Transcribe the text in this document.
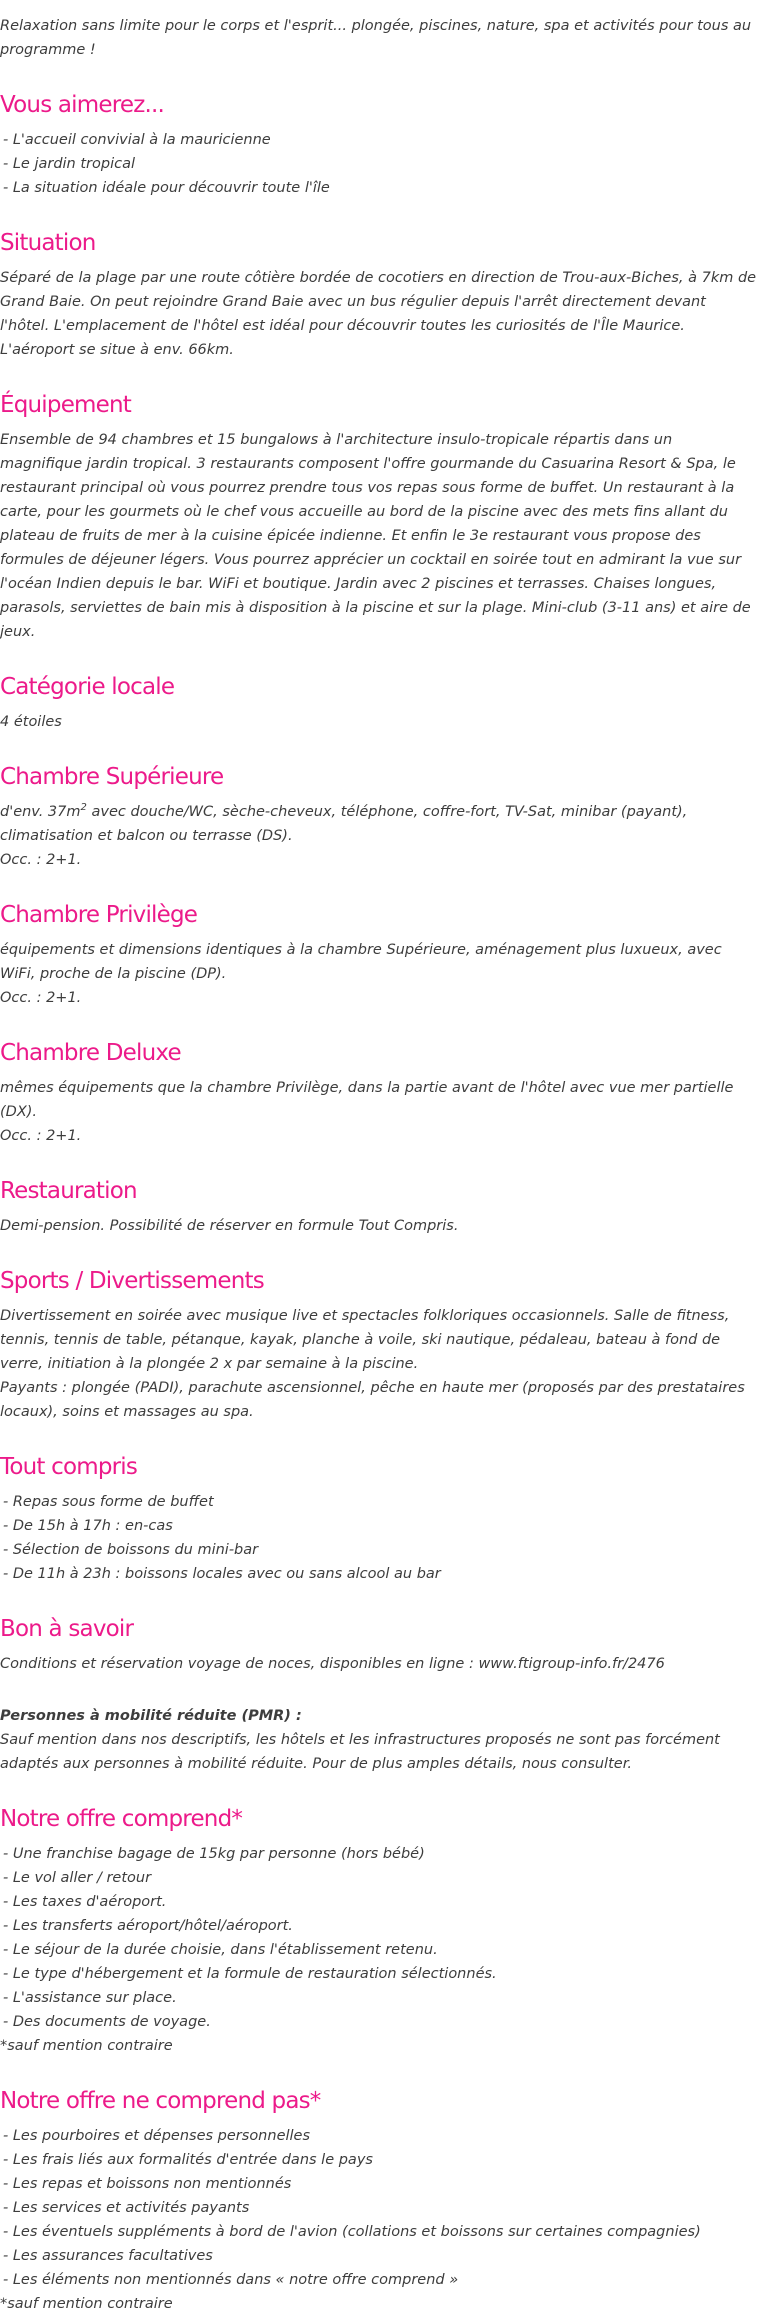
Relaxation sans limite pour le corps et l'esprit... plongée, piscines, nature, spa et activités pour tous au programme !

Vous aimerez...
- L'accueil convivial à la mauricienne
- Le jardin tropical
- La situation idéale pour découvrir toute l'île
Situation

Séparé de la plage par une route côtière bordée de cocotiers en direction de Trou-aux-Biches, à 7km de Grand Baie. On peut rejoindre Grand Baie avec un bus régulier depuis l'arrêt directement devant l'hôtel. L'emplacement de l'hôtel est idéal pour découvrir toutes les curiosités de l'Île Maurice. L'aéroport se situe à env. 66km.

Équipement

Ensemble de 94 chambres et 15 bungalows à l'architecture insulo-tropicale répartis dans un magnifique jardin tropical. 3 restaurants composent l'offre gourmande du Casuarina Resort & Spa, le restaurant principal où vous pourrez prendre tous vos repas sous forme de buffet. Un restaurant à la carte, pour les gourmets où le chef vous accueille au bord de la piscine avec des mets fins allant du plateau de fruits de mer à la cuisine épicée indienne. Et enfin le 3e restaurant vous propose des formules de déjeuner légers. Vous pourrez apprécier un cocktail en soirée tout en admirant la vue sur l'océan Indien depuis le bar. WiFi et boutique. Jardin avec 2 piscines et terrasses. Chaises longues, parasols, serviettes de bain mis à disposition à la piscine et sur la plage. Mini-club (3-11 ans) et aire de jeux.

Catégorie locale

4 étoiles

Chambre Supérieure

d'env. $37m^2$ avec douche/WC, sèche-cheveux, téléphone, coffre-fort, TV-Sat, minibar (payant), climatisation et balcon ou terrasse (DS).

Occ. : 2+1.

Chambre Privilège

équipements et dimensions identiques à la chambre Supérieure, aménagement plus luxueux, avec WiFi, proche de la piscine (DP).

Occ. : 2+1.

Chambre Deluxe

mêmes équipements que la chambre Privilège, dans la partie avant de l'hôtel avec vue mer partielle (DX).

Occ. : 2+1.

Restauration

Demi-pension. Possibilité de réserver en formule Tout Compris.

Sports / Divertissements

Divertissement en soirée avec musique live et spectacles folkloriques occasionnels. Salle de fitness, tennis, tennis de table, pétanque, kayak, planche à voile, ski nautique, pédaleau, bateau à fond de verre, initiation à la plongée 2 x par semaine à la piscine.

Payants : plongée (PADI), parachute ascensionnel, pêche en haute mer (proposés par des prestataires locaux), soins et massages au spa.

Tout compris
- Repas sous forme de buffet
- De 15h à 17h : en-cas
- Sélection de boissons du mini-bar
- De 11h à 23h : boissons locales avec ou sans alcool au bar
Bon à savoir

Conditions et réservation voyage de noces, disponibles en ligne : www.ftigroup-info.fr/2476

Personnes à mobilité réduite (PMR) :

Sauf mention dans nos descriptifs, les hôtels et les infrastructures proposés ne sont pas forcément adaptés aux personnes à mobilité réduite. Pour de plus amples détails, nous consulter.

Notre offre comprend*
- Une franchise bagage de 15kg par personne (hors bébé)
- Le vol aller / retour
- Les taxes d'aéroport.
- Les transferts aéroport/hôtel/aéroport.
- Le séjour de la durée choisie, dans l'établissement retenu.
- Le type d'hébergement et la formule de restauration sélectionnés.
- L'assistance sur place.
- Des documents de voyage.

*sauf mention contraire

Notre offre ne comprend pas*
- Les pourboires et dépenses personnelles
- Les frais liés aux formalités d'entrée dans le pays
- Les repas et boissons non mentionnés
- Les services et activités payants
- Les éventuels suppléments à bord de l'avion (collations et boissons sur certaines compagnies)
- Les assurances facultatives
- Les éléments non mentionnés dans « notre offre comprend »

*sauf mention contraire
